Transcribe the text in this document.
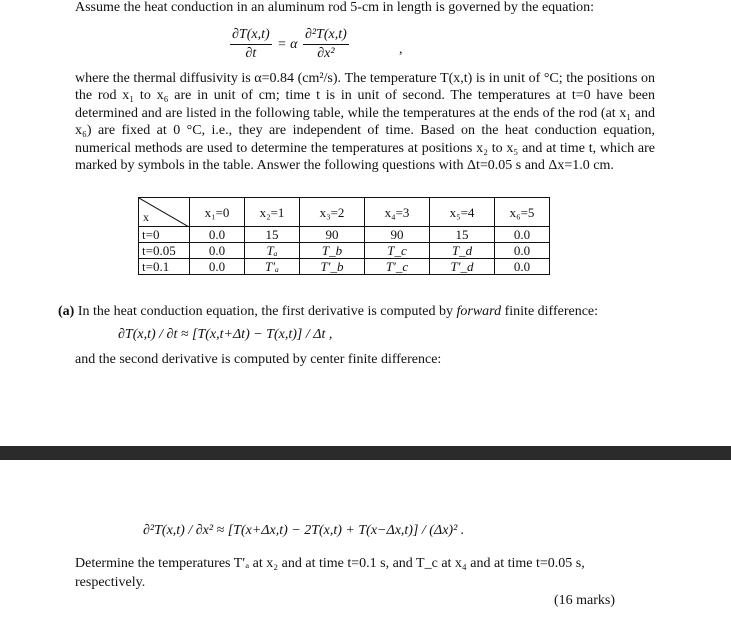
Assume the heat conduction in an aluminum rod 5-cm in length is governed by the equation:
$\frac{\partial T(x,t)}{\partial t} = \alpha \frac{\text{∂²T(x,t)}}{\text{∂x²}}$	,
where the thermal diffusivity is α=0.84 (cm²/s). The temperature T(x,t) is in unit of °C; the positions on the rod x₁ to x₆ are in unit of cm; time t is in unit of second. The temperatures at t=0 have been determined and are listed in the following table, while the temperatures at the ends of the rod (at x₁ and x₆) are fixed at 0 °C, i.e., they are independent of time. Based on the heat conduction equation, numerical methods are used to determine the temperatures at positions x₂ to x₅ and at time t, which are marked by symbols in the table. Answer the following questions with Δt=0.05 s and Δx=1.0 cm.
x	x₁=0	x₂=1	x₃=2	x₄=3	x₅=4	x₆=5
t=0	0.0	15	90	90	15	0.0
t=0.05	0.0	Tₐ	T_b	T_c	T_d	0.0
t=0.1	0.0	T′ₐ	T′_b	T′_c	T′_d	0.0
(a) In the heat conduction equation, the first derivative is computed by forward finite difference:
∂T(x,t) / ∂t ≈ [T(x,t+Δt) − T(x,t)] / Δt ,
and the second derivative is computed by center finite difference:
∂²T(x,t) / ∂x² ≈ [T(x+Δx,t) − 2T(x,t) + T(x−Δx,t)] / (Δx)² .
Determine the temperatures T′ₐ at x₂ and at time t=0.1 s, and T_c at x₄ and at time t=0.05 s, respectively.
(16 marks)
